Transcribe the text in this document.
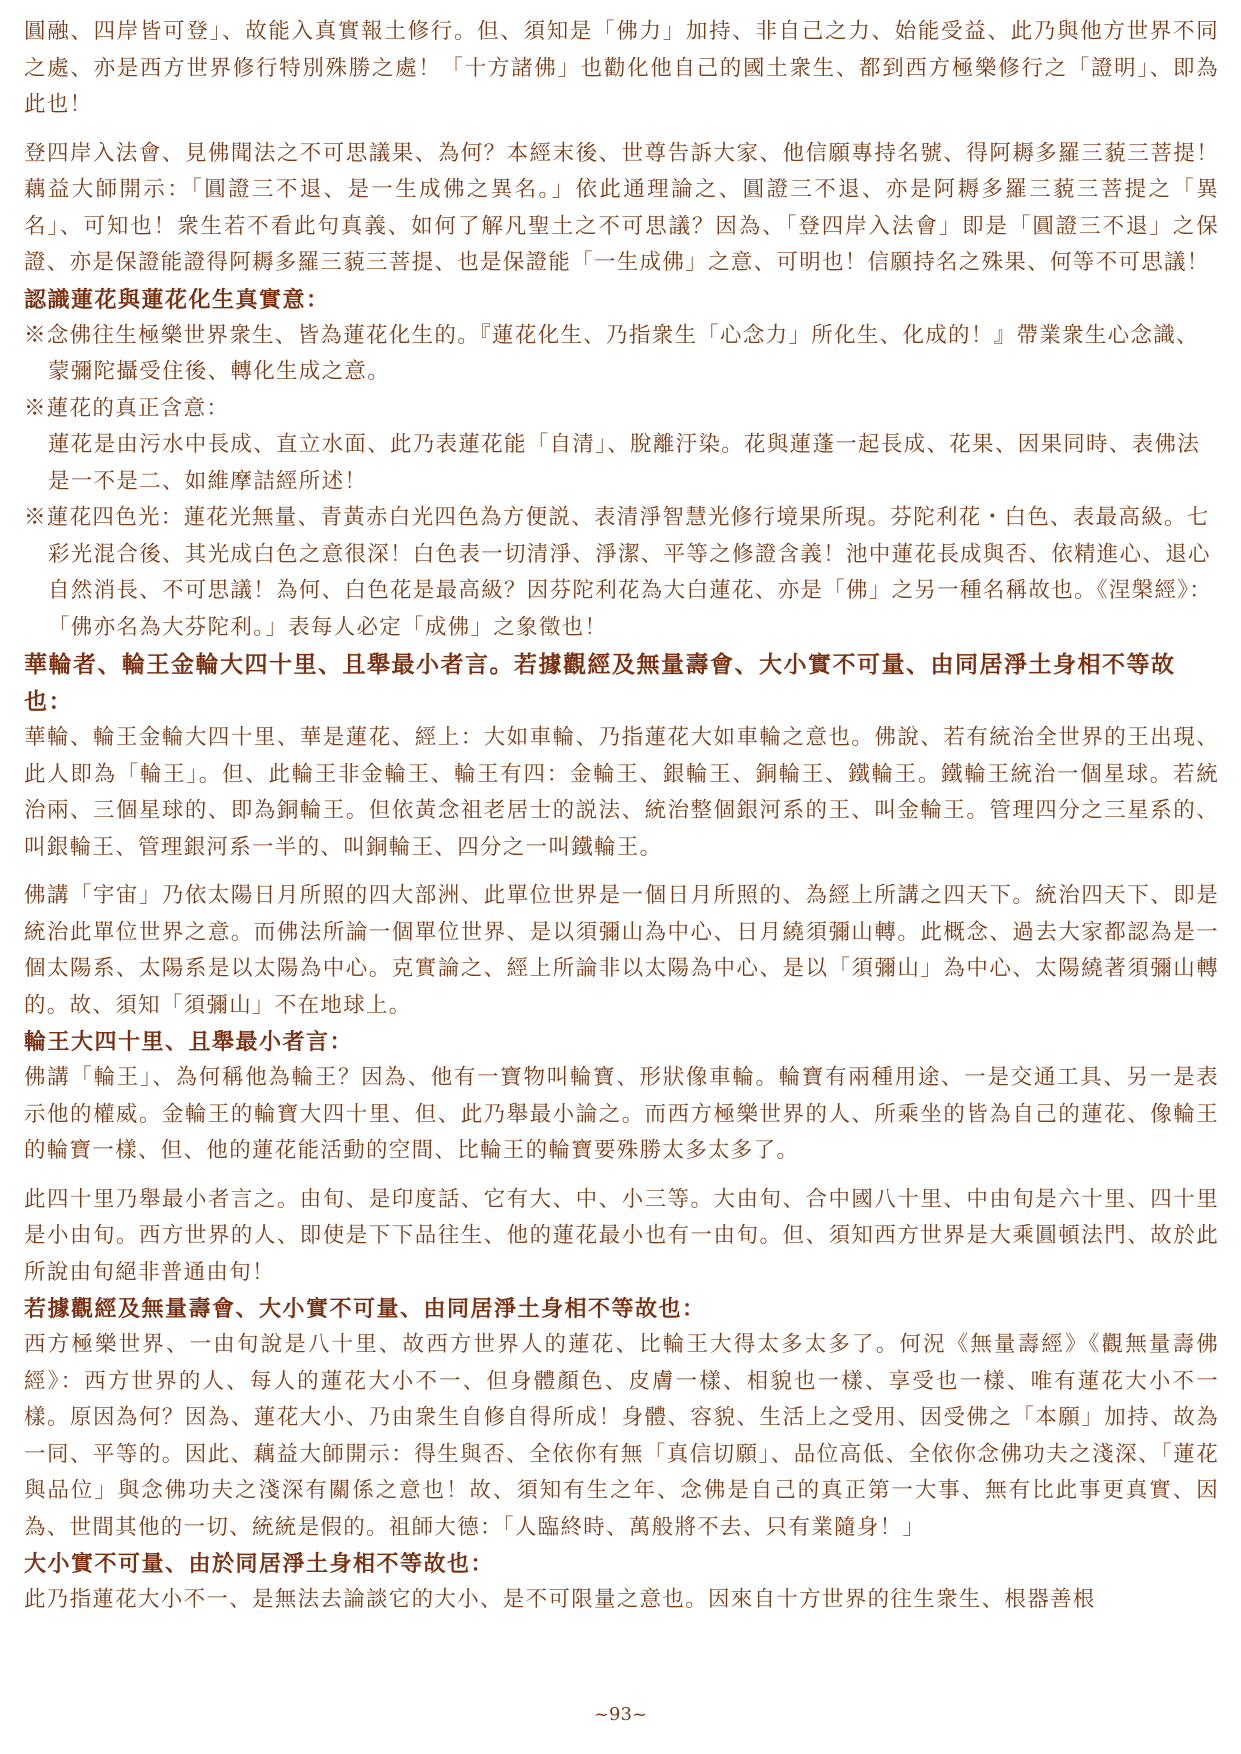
圓融、四岸皆可登」、故能入真實報土修行。但、須知是「佛力」加持、非自己之力、始能受益、此乃與他方世界不同之處、亦是西方世界修行特別殊勝之處！「十方諸佛」也勸化他自己的國土衆生、都到西方極樂修行之「證明」、即為此也！

登四岸入法會、見佛聞法之不可思議果、為何？本經末後、世尊告訴大家、他信願專持名號、得阿耨多羅三藐三菩提！藕益大師開示：「圓證三不退、是一生成佛之異名。」依此通理論之、圓證三不退、亦是阿耨多羅三藐三菩提之「異名」、可知也！衆生若不看此句真義、如何了解凡聖土之不可思議？因為、「登四岸入法會」即是「圓證三不退」之保證、亦是保證能證得阿耨多羅三藐三菩提、也是保證能「一生成佛」之意、可明也！信願持名之殊果、何等不可思議！

認識蓮花與蓮花化生真實意：

※念佛往生極樂世界衆生、皆為蓮花化生的。『蓮花化生、乃指衆生「心念力」所化生、化成的！』帶業衆生心念識、蒙彌陀攝受住後、轉化生成之意。

※蓮花的真正含意：

蓮花是由污水中長成、直立水面、此乃表蓮花能「自清」、脫離汙染。花與蓮蓬一起長成、花果、因果同時、表佛法是一不是二、如維摩詰經所述！

※蓮花四色光：蓮花光無量、青黃赤白光四色為方便説、表清淨智慧光修行境果所現。芬陀利花・白色、表最高級。七彩光混合後、其光成白色之意很深！白色表一切清淨、淨潔、平等之修證含義！池中蓮花長成與否、依精進心、退心自然消長、不可思議！為何、白色花是最高級？因芬陀利花為大白蓮花、亦是「佛」之另一種名稱故也。《涅槃經》：「佛亦名為大芬陀利。」表每人必定「成佛」之象徵也！

華輪者、輪王金輪大四十里、且舉最小者言。若據觀經及無量壽會、大小實不可量、由同居淨土身相不等故也：

華輪、輪王金輪大四十里、華是蓮花、經上：大如車輪、乃指蓮花大如車輪之意也。佛說、若有統治全世界的王出現、此人即為「輪王」。但、此輪王非金輪王、輪王有四：金輪王、銀輪王、銅輪王、鐵輪王。鐵輪王統治一個星球。若統治兩、三個星球的、即為銅輪王。但依黃念祖老居士的説法、統治整個銀河系的王、叫金輪王。管理四分之三星系的、叫銀輪王、管理銀河系一半的、叫銅輪王、四分之一叫鐵輪王。

佛講「宇宙」乃依太陽日月所照的四大部洲、此單位世界是一個日月所照的、為經上所講之四天下。統治四天下、即是統治此單位世界之意。而佛法所論一個單位世界、是以須彌山為中心、日月繞須彌山轉。此概念、過去大家都認為是一個太陽系、太陽系是以太陽為中心。克實論之、經上所論非以太陽為中心、是以「須彌山」為中心、太陽繞著須彌山轉的。故、須知「須彌山」不在地球上。

輪王大四十里、且舉最小者言：

佛講「輪王」、為何稱他為輪王？因為、他有一寶物叫輪寶、形狀像車輪。輪寶有兩種用途、一是交通工具、另一是表示他的權威。金輪王的輪寶大四十里、但、此乃舉最小論之。而西方極樂世界的人、所乘坐的皆為自己的蓮花、像輪王的輪寶一樣、但、他的蓮花能活動的空間、比輪王的輪寶要殊勝太多太多了。

此四十里乃舉最小者言之。由旬、是印度話、它有大、中、小三等。大由旬、合中國八十里、中由旬是六十里、四十里是小由旬。西方世界的人、即使是下下品往生、他的蓮花最小也有一由旬。但、須知西方世界是大乘圓頓法門、故於此所說由旬絕非普通由旬！

若據觀經及無量壽會、大小實不可量、由同居淨土身相不等故也：

西方極樂世界、一由旬說是八十里、故西方世界人的蓮花、比輪王大得太多太多了。何況《無量壽經》《觀無量壽佛經》：西方世界的人、每人的蓮花大小不一、但身體顏色、皮膚一樣、相貌也一樣、享受也一樣、唯有蓮花大小不一樣。原因為何？因為、蓮花大小、乃由衆生自修自得所成！身體、容貌、生活上之受用、因受佛之「本願」加持、故為一同、平等的。因此、藕益大師開示：得生與否、全依你有無「真信切願」、品位高低、全依你念佛功夫之淺深、「蓮花與品位」與念佛功夫之淺深有關係之意也！故、須知有生之年、念佛是自己的真正第一大事、無有比此事更真實、因為、世間其他的一切、統統是假的。祖師大德：「人臨終時、萬般將不去、只有業隨身！」

大小實不可量、由於同居淨土身相不等故也：

此乃指蓮花大小不一、是無法去論談它的大小、是不可限量之意也。因來自十方世界的往生衆生、根器善根

~93~
